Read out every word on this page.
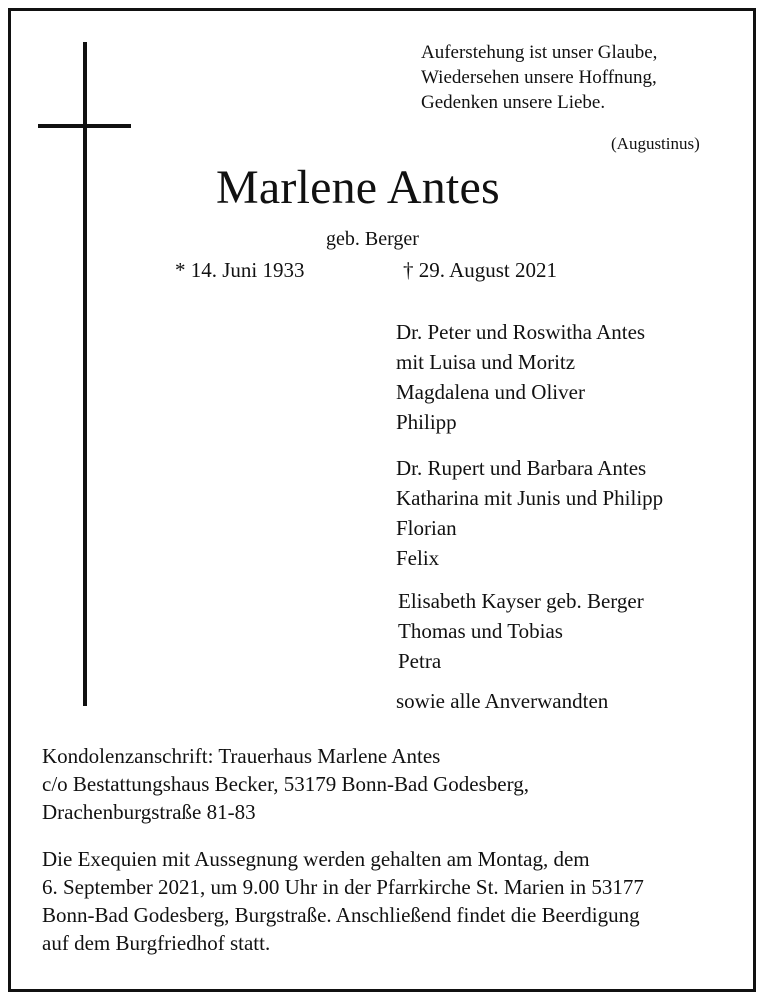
Auferstehung ist unser Glaube,
Wiedersehen unsere Hoffnung,
Gedenken unsere Liebe.
(Augustinus)
Marlene Antes
geb. Berger
* 14. Juni 1933	† 29. August 2021
Dr. Peter und Roswitha Antes
mit Luisa und Moritz
Magdalena und Oliver
Philipp
Dr. Rupert und Barbara Antes
Katharina mit Junis und Philipp
Florian
Felix
Elisabeth Kayser geb. Berger
Thomas und Tobias
Petra
sowie alle Anverwandten
Kondolenzanschrift: Trauerhaus Marlene Antes
c/o Bestattungshaus Becker, 53179 Bonn-Bad Godesberg,
Drachenburgstraße 81-83
Die Exequien mit Aussegnung werden gehalten am Montag, dem
6. September 2021, um 9.00 Uhr in der Pfarrkirche St. Marien in 53177
Bonn-Bad Godesberg, Burgstraße. Anschließend findet die Beerdigung
auf dem Burgfriedhof statt.
